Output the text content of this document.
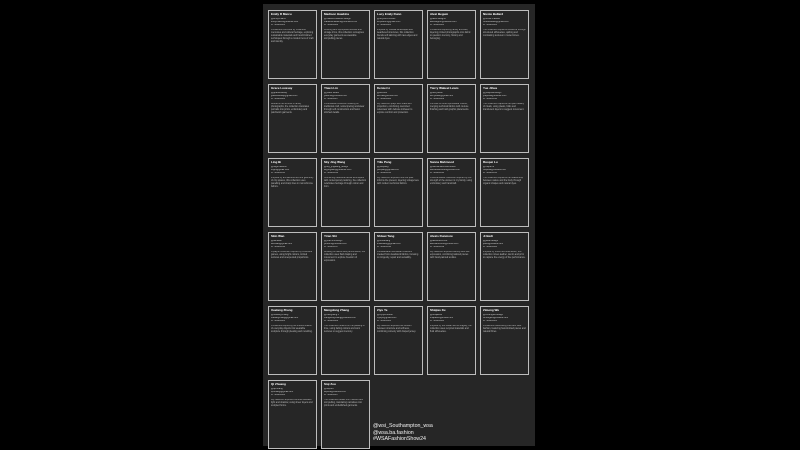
Emily R Marcu
@emilyrmarcu
emilyrmarcu@outlook.com
07700900001
A collection informed by childhood memories and cultural heritage, exploring sustainable materials and hand-finished techniques through a modern lens of craft and identity.
Madison Hawkins
@madisonhawkins.design
madisonhawkins@hotmail.co.uk
07700900002
Working with repurposed textiles and vintage trims, this collection reimagines everyday garments as wearable storytelling pieces.
Lucy Emily Dunn
@lucydunn.studio
lucyedunn@gmail.com
07700900003
Inspired by coastal landscapes and weathered structures, this collection blends soft tailoring with raw edges and natural dyes.
Alexi Begum
@alexi.designs
alexibegum@outlook.com
07700900004
A collection exploring family archives, layering printed photographs onto fabric to question memory, history and belonging.
Nicole Bullard
@nicole.b.atelier
nicolebullard@gmail.com
07700900005
This collection explores resilience through structured silhouettes, quilting and contrasting textures in muted tones.
Grace Lovesay
@gracelovesay
gracelovesay@gmail.com
07700900006
Rooted in an archive of family photographs, the collection translates portraits into prints, embroidery and patchwork garments.
Yiwen Lin
@yiwen.studio
yiwenlin@outlook.com
07700900007
A menswear collection drawing on traditional craft, reinterpreting workwear through soft construction and hand-stitched details.
Kenzei Li
@kenzeili
kenzeili@icloud.com
07700900008
My collection plays with scale and proportion, combining oversized outerwear with delicate knitwear to explore comfort and protection.
Tierry Wakeel Lewis
@tierrylewis
tierrylewis@gmail.com
07700900009
A tribute to urban sportswear culture, merging technical fabrics with couture finishing and bold graphic placements.
Yue Jihua
@yuejihua.design
yuejihua@outlook.com
07700900010
This collection captures the quiet beauty of rituals, using pleats, folds and translucent layers to suggest movement.
Ling Bi
@lingbi.fashion
lingbi@gmail.com
07700900011
Inspired by architecture and the geometry of city spaces, this collection uses panelling and sharp lines in monochrome fabrics.
Sky Jing Wang
@sky_jingwang_design
skyjingwang@outlook.com
07700900012
Combining traditional textile techniques with contemporary tailoring, the collection celebrates heritage through colour and form.
Yiliu Pang
@yiliupang
yiliupang@gmail.com
07700900013
My collection explores how the past informs the present, layering vintage lace with modern technical fabrics.
Sanna Mahmood
@sannamahmood.studio
sannamahmood@icloud.com
07700900014
A womenswear collection inspired by the strength of the women in my family, using embroidery and handcraft.
Ruopei Lu
@ruopei.lu
ruopeilu@outlook.com
07700900015
This collection explores the relationship between nature and the body through organic shapes and natural dyes.
Skin Wan
@skinwan
skinwan@gmail.com
07700900016
A playful collection inspired by childhood games, using bright colours, knitted textures and unexpected proportions.
Yiran Shi
@yiran.shi.design
yiranshi@outlook.com
07700900017
Drawing on dance and performance, the collection uses fluid draping and movement to explore freedom of expression.
Shiwei Tang
@shiweitang
shiweitang@gmail.com
07700900018
A sustainable menswear collection created from deadstock fabrics, focusing on longevity, repair and versatility.
Alexis Dunmore
@alexisdunmore
alexisdunmore@icloud.com
07700900019
My collection explores identity and self-expression, combining tailored pieces with hand-painted textiles.
Ji Bedi
@jibedi.design
jibedi@outlook.com
07700900020
Inspired by music and subculture, this collection mixes leather, denim and print to capture the energy of live performance.
Xuelang Zhang
@xuelang.zhang
xuelangzhang@gmail.com
07700900021
A collection exploring the transformation of everyday objects into wearable sculpture through pleating and moulding.
Mengdong Zhang
@mengdong.z
mengdongzhang@outlook.com
07700900022
This collection reflects on the passing of time, using fading colours and worn textures to suggest memory.
Ziyu Ye
@ziyuye.studio
ziyuye@gmail.com
07700900023
My collection explores the tension between structure and softness, combining corsetry with draped jersey.
Shiqiao Xu
@shiqiaoxu
shiqiaoxu@icloud.com
07700900024
Inspired by the ocean and its fragility, the collection uses recycled materials and fluid silhouettes.
Zimeng Wu
@zimengwu.design
zimengwu@outlook.com
07700900025
A collection celebrating craft and slow fashion, featuring hand-knitted pieces and natural fibres.
Qi Zhuang
@qizhuang
qizhuang@gmail.com
07700900026
My collection explores contrast between light and shadow, using sheer layers and sculpted forms.
Siqi Zou
@siqizou
siqizou@outlook.com
07700900027
This collection draws from folklore and storytelling, translating narratives into prints and embellished garments.
@wsi_Southampton_wsa
@wsa.ba.fashion
#WSAFashionShow24
